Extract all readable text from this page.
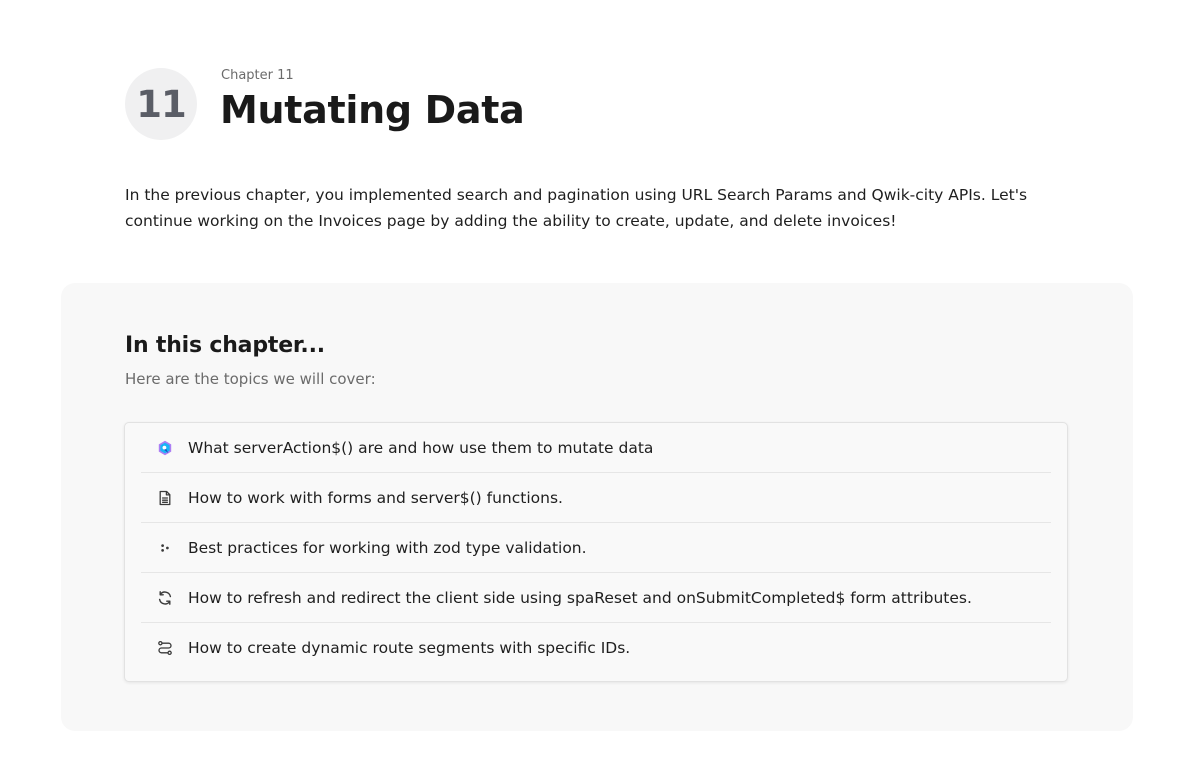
11
Chapter 11
Mutating Data

In the previous chapter, you implemented search and pagination using URL Search Params and Qwik-city APIs. Let's continue working on the Invoices page by adding the ability to create, update, and delete invoices!

In this chapter...
Here are the topics we will cover:
What serverAction$() are and how use them to mutate data
How to work with forms and server$() functions.
Best practices for working with zod type validation.
How to refresh and redirect the client side using spaReset and onSubmitCompleted$ form attributes.
How to create dynamic route segments with specific IDs.
